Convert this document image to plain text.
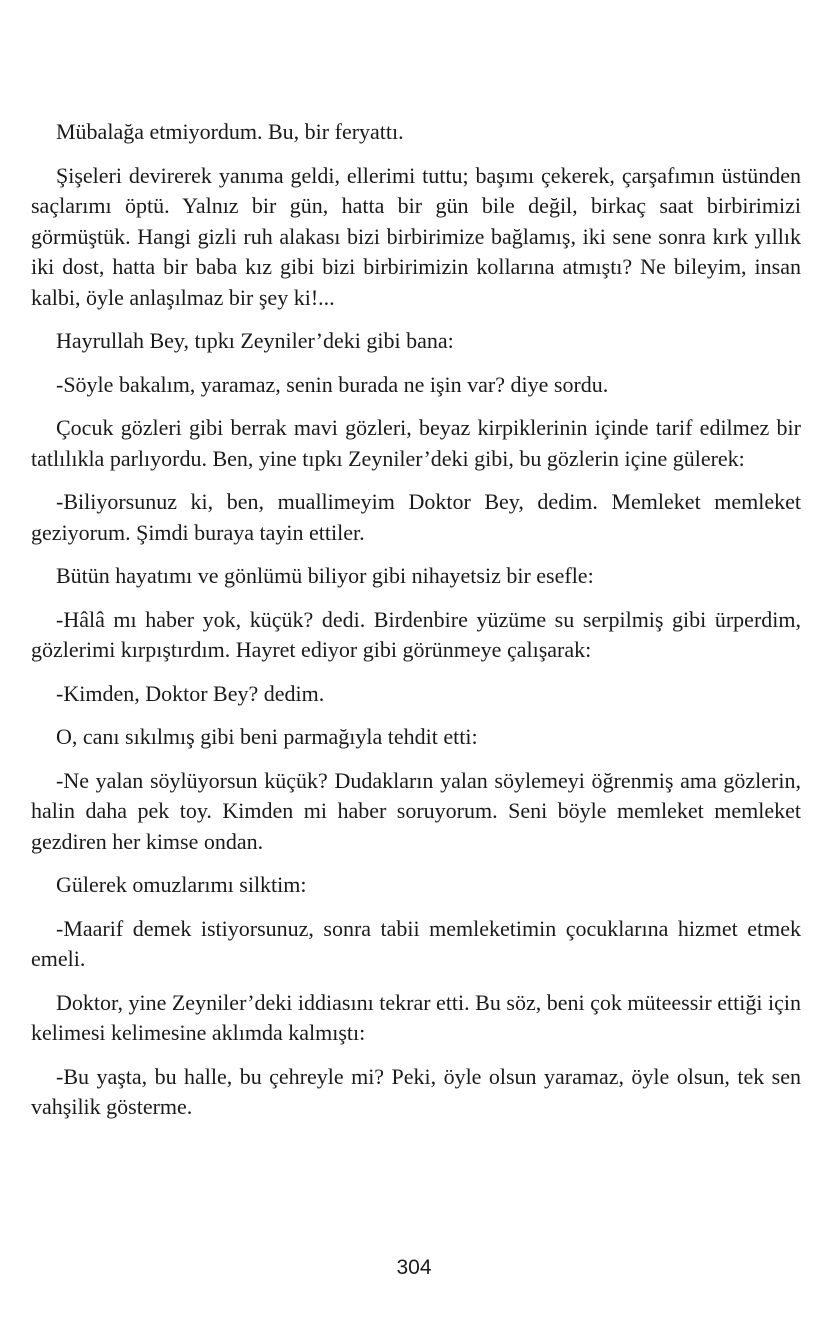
Mübalağa etmiyordum. Bu, bir feryattı.

Şişeleri devirerek yanıma geldi, ellerimi tuttu; başımı çekerek, çarşafımın üstünden saçlarımı öptü. Yalnız bir gün, hatta bir gün bile değil, birkaç saat birbirimizi görmüştük. Hangi gizli ruh alakası bizi birbirimize bağlamış, iki sene sonra kırk yıllık iki dost, hatta bir baba kız gibi bizi birbirimizin kollarına atmıştı? Ne bileyim, insan kalbi, öyle anlaşılmaz bir şey ki!...

Hayrullah Bey, tıpkı Zeyniler’deki gibi bana:

-Söyle bakalım, yaramaz, senin burada ne işin var? diye sordu.

Çocuk gözleri gibi berrak mavi gözleri, beyaz kirpiklerinin içinde tarif edilmez bir tatlılıkla parlıyordu. Ben, yine tıpkı Zeyniler’deki gibi, bu gözlerin içine gülerek:

-Biliyorsunuz ki, ben, muallimeyim Doktor Bey, dedim. Memleket memleket geziyorum. Şimdi buraya tayin ettiler.

Bütün hayatımı ve gönlümü biliyor gibi nihayetsiz bir esefle:

-Hâlâ mı haber yok, küçük? dedi. Birdenbire yüzüme su serpilmiş gibi ürperdim, gözlerimi kırpıştırdım. Hayret ediyor gibi görünmeye çalışarak:

-Kimden, Doktor Bey? dedim.

O, canı sıkılmış gibi beni parmağıyla tehdit etti:

-Ne yalan söylüyorsun küçük? Dudakların yalan söylemeyi öğrenmiş ama gözlerin, halin daha pek toy. Kimden mi haber soruyorum. Seni böyle memleket memleket gezdiren her kimse ondan.

Gülerek omuzlarımı silktim:

-Maarif demek istiyorsunuz, sonra tabii memleketimin çocuklarına hizmet etmek emeli.

Doktor, yine Zeyniler’deki iddiasını tekrar etti. Bu söz, beni çok müteessir ettiği için kelimesi kelimesine aklımda kalmıştı:

-Bu yaşta, bu halle, bu çehreyle mi? Peki, öyle olsun yaramaz, öyle olsun, tek sen vahşilik gösterme.

304
